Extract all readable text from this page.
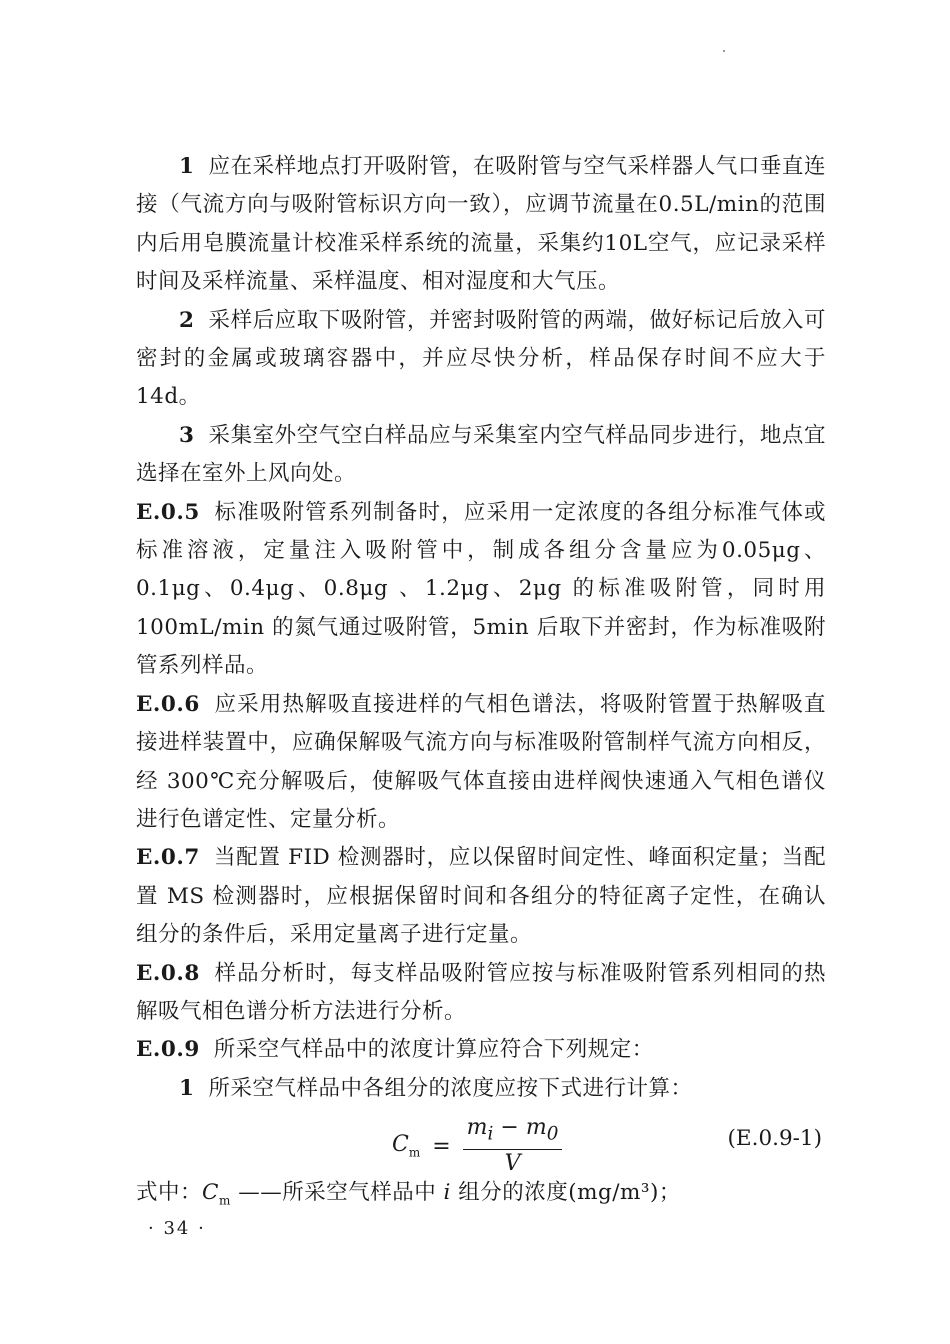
1 应在采样地点打开吸附管，在吸附管与空气采样器人气口垂直连接（气流方向与吸附管标识方向一致），应调节流量在0.5L/min的范围内后用皂膜流量计校准采样系统的流量，采集约10L空气，应记录采样时间及采样流量、采样温度、相对湿度和大气压。

2 采样后应取下吸附管，并密封吸附管的两端，做好标记后放入可密封的金属或玻璃容器中，并应尽快分析，样品保存时间不应大于14d。

3 采集室外空气空白样品应与采集室内空气样品同步进行，地点宜选择在室外上风向处。

E.0.5 标准吸附管系列制备时，应采用一定浓度的各组分标准气体或标准溶液，定量注入吸附管中，制成各组分含量应为0.05μg、0.1μg、0.4μg、0.8μg 、1.2μg、2μg 的标准吸附管，同时用100mL/min 的氮气通过吸附管，5min 后取下并密封，作为标准吸附管系列样品。

E.0.6 应采用热解吸直接进样的气相色谱法，将吸附管置于热解吸直接进样装置中，应确保解吸气流方向与标准吸附管制样气流方向相反，经 300℃充分解吸后，使解吸气体直接由进样阀快速通入气相色谱仪进行色谱定性、定量分析。

E.0.7 当配置 FID 检测器时，应以保留时间定性、峰面积定量；当配置 MS 检测器时，应根据保留时间和各组分的特征离子定性，在确认组分的条件后，采用定量离子进行定量。

E.0.8 样品分析时，每支样品吸附管应按与标准吸附管系列相同的热解吸气相色谱分析方法进行分析。

E.0.9 所采空气样品中的浓度计算应符合下列规定：

1 所采空气样品中各组分的浓度应按下式进行计算：

$C_m = \frac{m_i - m_0}{V}$	(E.0.9-1)

式中：$C_m$ ——所采空气样品中 i 组分的浓度(mg/m³)；

· 34 ·
